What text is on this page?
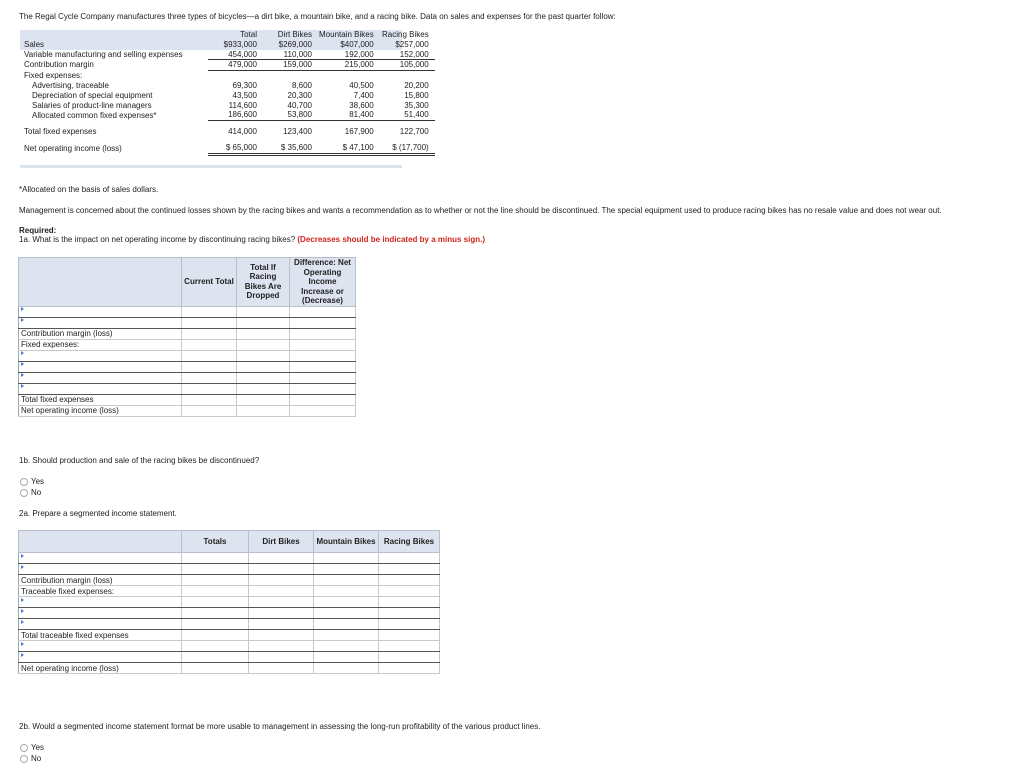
The Regal Cycle Company manufactures three types of bicycles—a dirt bike, a mountain bike, and a racing bike. Data on sales and expenses for the past quarter follow:

	Total	Dirt Bikes	Mountain Bikes	Racing Bikes
Sales	$933,000	$269,000	$407,000	$257,000
Variable manufacturing and selling expenses	454,000	110,000	192,000	152,000
Contribution margin	479,000	159,000	215,000	105,000
Fixed expenses:				
Advertising, traceable	69,300	8,600	40,500	20,200
Depreciation of special equipment	43,500	20,300	7,400	15,800
Salaries of product-line managers	114,600	40,700	38,600	35,300
Allocated common fixed expenses*	186,600	53,800	81,400	51,400

Total fixed expenses	414,000	123,400	167,900	122,700

Net operating income (loss)	$ 65,000	$ 35,600	$ 47,100	$ (17,700)

*Allocated on the basis of sales dollars.

Management is concerned about the continued losses shown by the racing bikes and wants a recommendation as to whether or not the line should be discontinued. The special equipment used to produce racing bikes has no resale value and does not wear out.

Required:

1a. What is the impact on net operating income by discontinuing racing bikes? (Decreases should be indicated by a minus sign.)

	Current Total	Total If Racing Bikes Are Dropped	Difference: Net Operating Income Increase or (Decrease)

Contribution margin (loss)			
Fixed expenses:			

Total fixed expenses			
Net operating income (loss)			

1b. Should production and sale of the racing bikes be discontinued?

Yes
No

2a. Prepare a segmented income statement.

	Totals	Dirt Bikes	Mountain Bikes	Racing Bikes

Contribution margin (loss)				
Traceable fixed expenses:				

Total traceable fixed expenses				

Net operating income (loss)				

2b. Would a segmented income statement format be more usable to management in assessing the long-run profitability of the various product lines.

Yes
No
